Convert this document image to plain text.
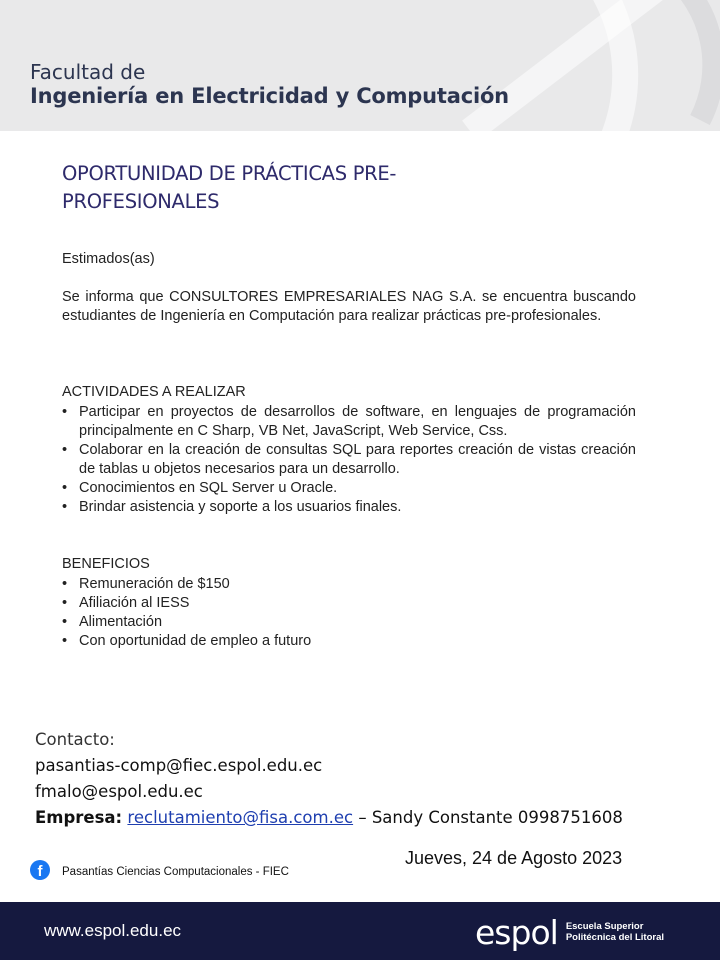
Facultad de
Ingeniería en Electricidad y Computación
OPORTUNIDAD DE PRÁCTICAS PRE-PROFESIONALES
Estimados(as)
Se informa que CONSULTORES EMPRESARIALES NAG S.A. se encuentra buscando estudiantes de Ingeniería en Computación para realizar prácticas pre-profesionales.
ACTIVIDADES A REALIZAR
• Participar en proyectos de desarrollos de software, en lenguajes de programación principalmente en C Sharp, VB Net, JavaScript, Web Service, Css.
• Colaborar en la creación de consultas SQL para reportes creación de vistas creación de tablas u objetos necesarios para un desarrollo.
• Conocimientos en SQL Server u Oracle.
• Brindar asistencia y soporte a los usuarios finales.
BENEFICIOS
• Remuneración de $150
• Afiliación al IESS
• Alimentación
• Con oportunidad de empleo a futuro
Contacto:
pasantias-comp@fiec.espol.edu.ec
fmalo@espol.edu.ec
Empresa: reclutamiento@fisa.com.ec – Sandy Constante 0998751608
Jueves, 24 de Agosto 2023
f	Pasantías Ciencias Computacionales - FIEC
www.espol.edu.ec	espol Escuela Superior
Politécnica del Litoral
